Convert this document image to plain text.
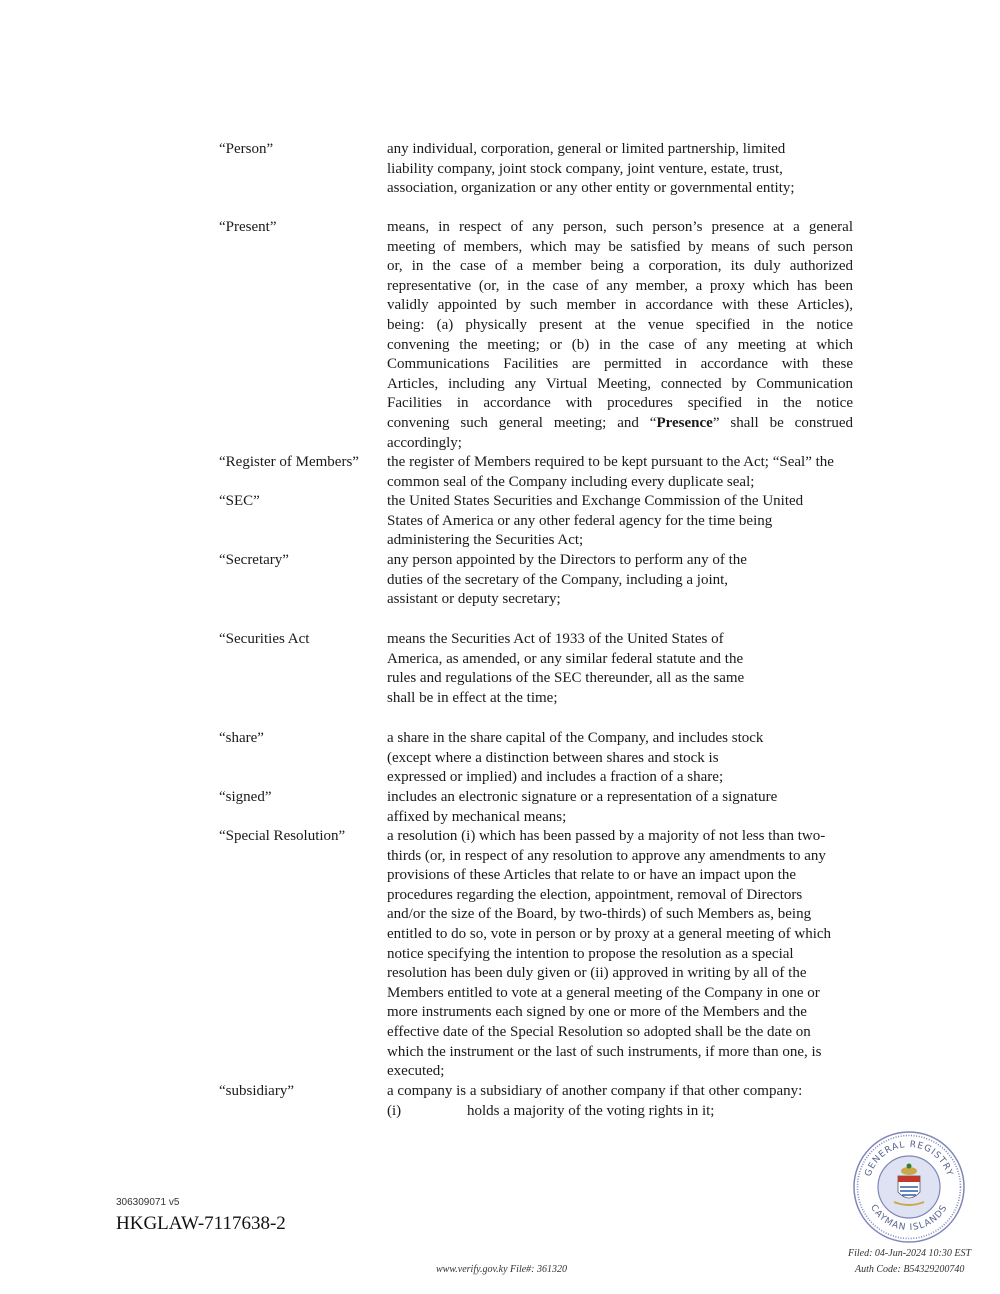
“Person”	any individual, corporation, general or limited partnership, limited
liability company, joint stock company, joint venture, estate, trust,
association, organization or any other entity or governmental entity;
“Present”	means, in respect of any person, such person’s presence at a general
meeting of members, which may be satisfied by means of such person
or, in the case of a member being a corporation, its duly authorized
representative (or, in the case of any member, a proxy which has been
validly appointed by such member in accordance with these Articles),
being: (a) physically present at the venue specified in the notice
convening the meeting; or (b) in the case of any meeting at which
Communications Facilities are permitted in accordance with these
Articles, including any Virtual Meeting, connected by Communication
Facilities in accordance with procedures specified in the notice
convening such general meeting; and “Presence” shall be construed
accordingly;
“Register of Members” the register of Members required to be kept pursuant to the Act; “Seal” the
common seal of the Company including every duplicate seal;
“SEC”	the United States Securities and Exchange Commission of the United
States of America or any other federal agency for the time being
administering the Securities Act;
“Secretary”	any person appointed by the Directors to perform any of the
duties of the secretary of the Company, including a joint,
assistant or deputy secretary;
“Securities Act	means the Securities Act of 1933 of the United States of
America, as amended, or any similar federal statute and the
rules and regulations of the SEC thereunder, all as the same
shall be in effect at the time;
“share”	a share in the share capital of the Company, and includes stock
(except where a distinction between shares and stock is
expressed or implied) and includes a fraction of a share;
“signed”	includes an electronic signature or a representation of a signature
affixed by mechanical means;
“Special Resolution”	a resolution (i) which has been passed by a majority of not less than two-
thirds (or, in respect of any resolution to approve any amendments to any
provisions of these Articles that relate to or have an impact upon the
procedures regarding the election, appointment, removal of Directors
and/or the size of the Board, by two-thirds) of such Members as, being
entitled to do so, vote in person or by proxy at a general meeting of which
notice specifying the intention to propose the resolution as a special
resolution has been duly given or (ii) approved in writing by all of the
Members entitled to vote at a general meeting of the Company in one or
more instruments each signed by one or more of the Members and the
effective date of the Special Resolution so adopted shall be the date on
which the instrument or the last of such instruments, if more than one, is
executed;
“subsidiary”	a company is a subsidiary of another company if that other company:
(i)	holds a majority of the voting rights in it;
306309071 v5
HKGLAW-7117638-2
www.verify.gov.ky File#: 361320
Filed: 04-Jun-2024 10:30 EST
Auth Code: B54329200740
GENERAL REGISTRY
CAYMAN ISLANDS
